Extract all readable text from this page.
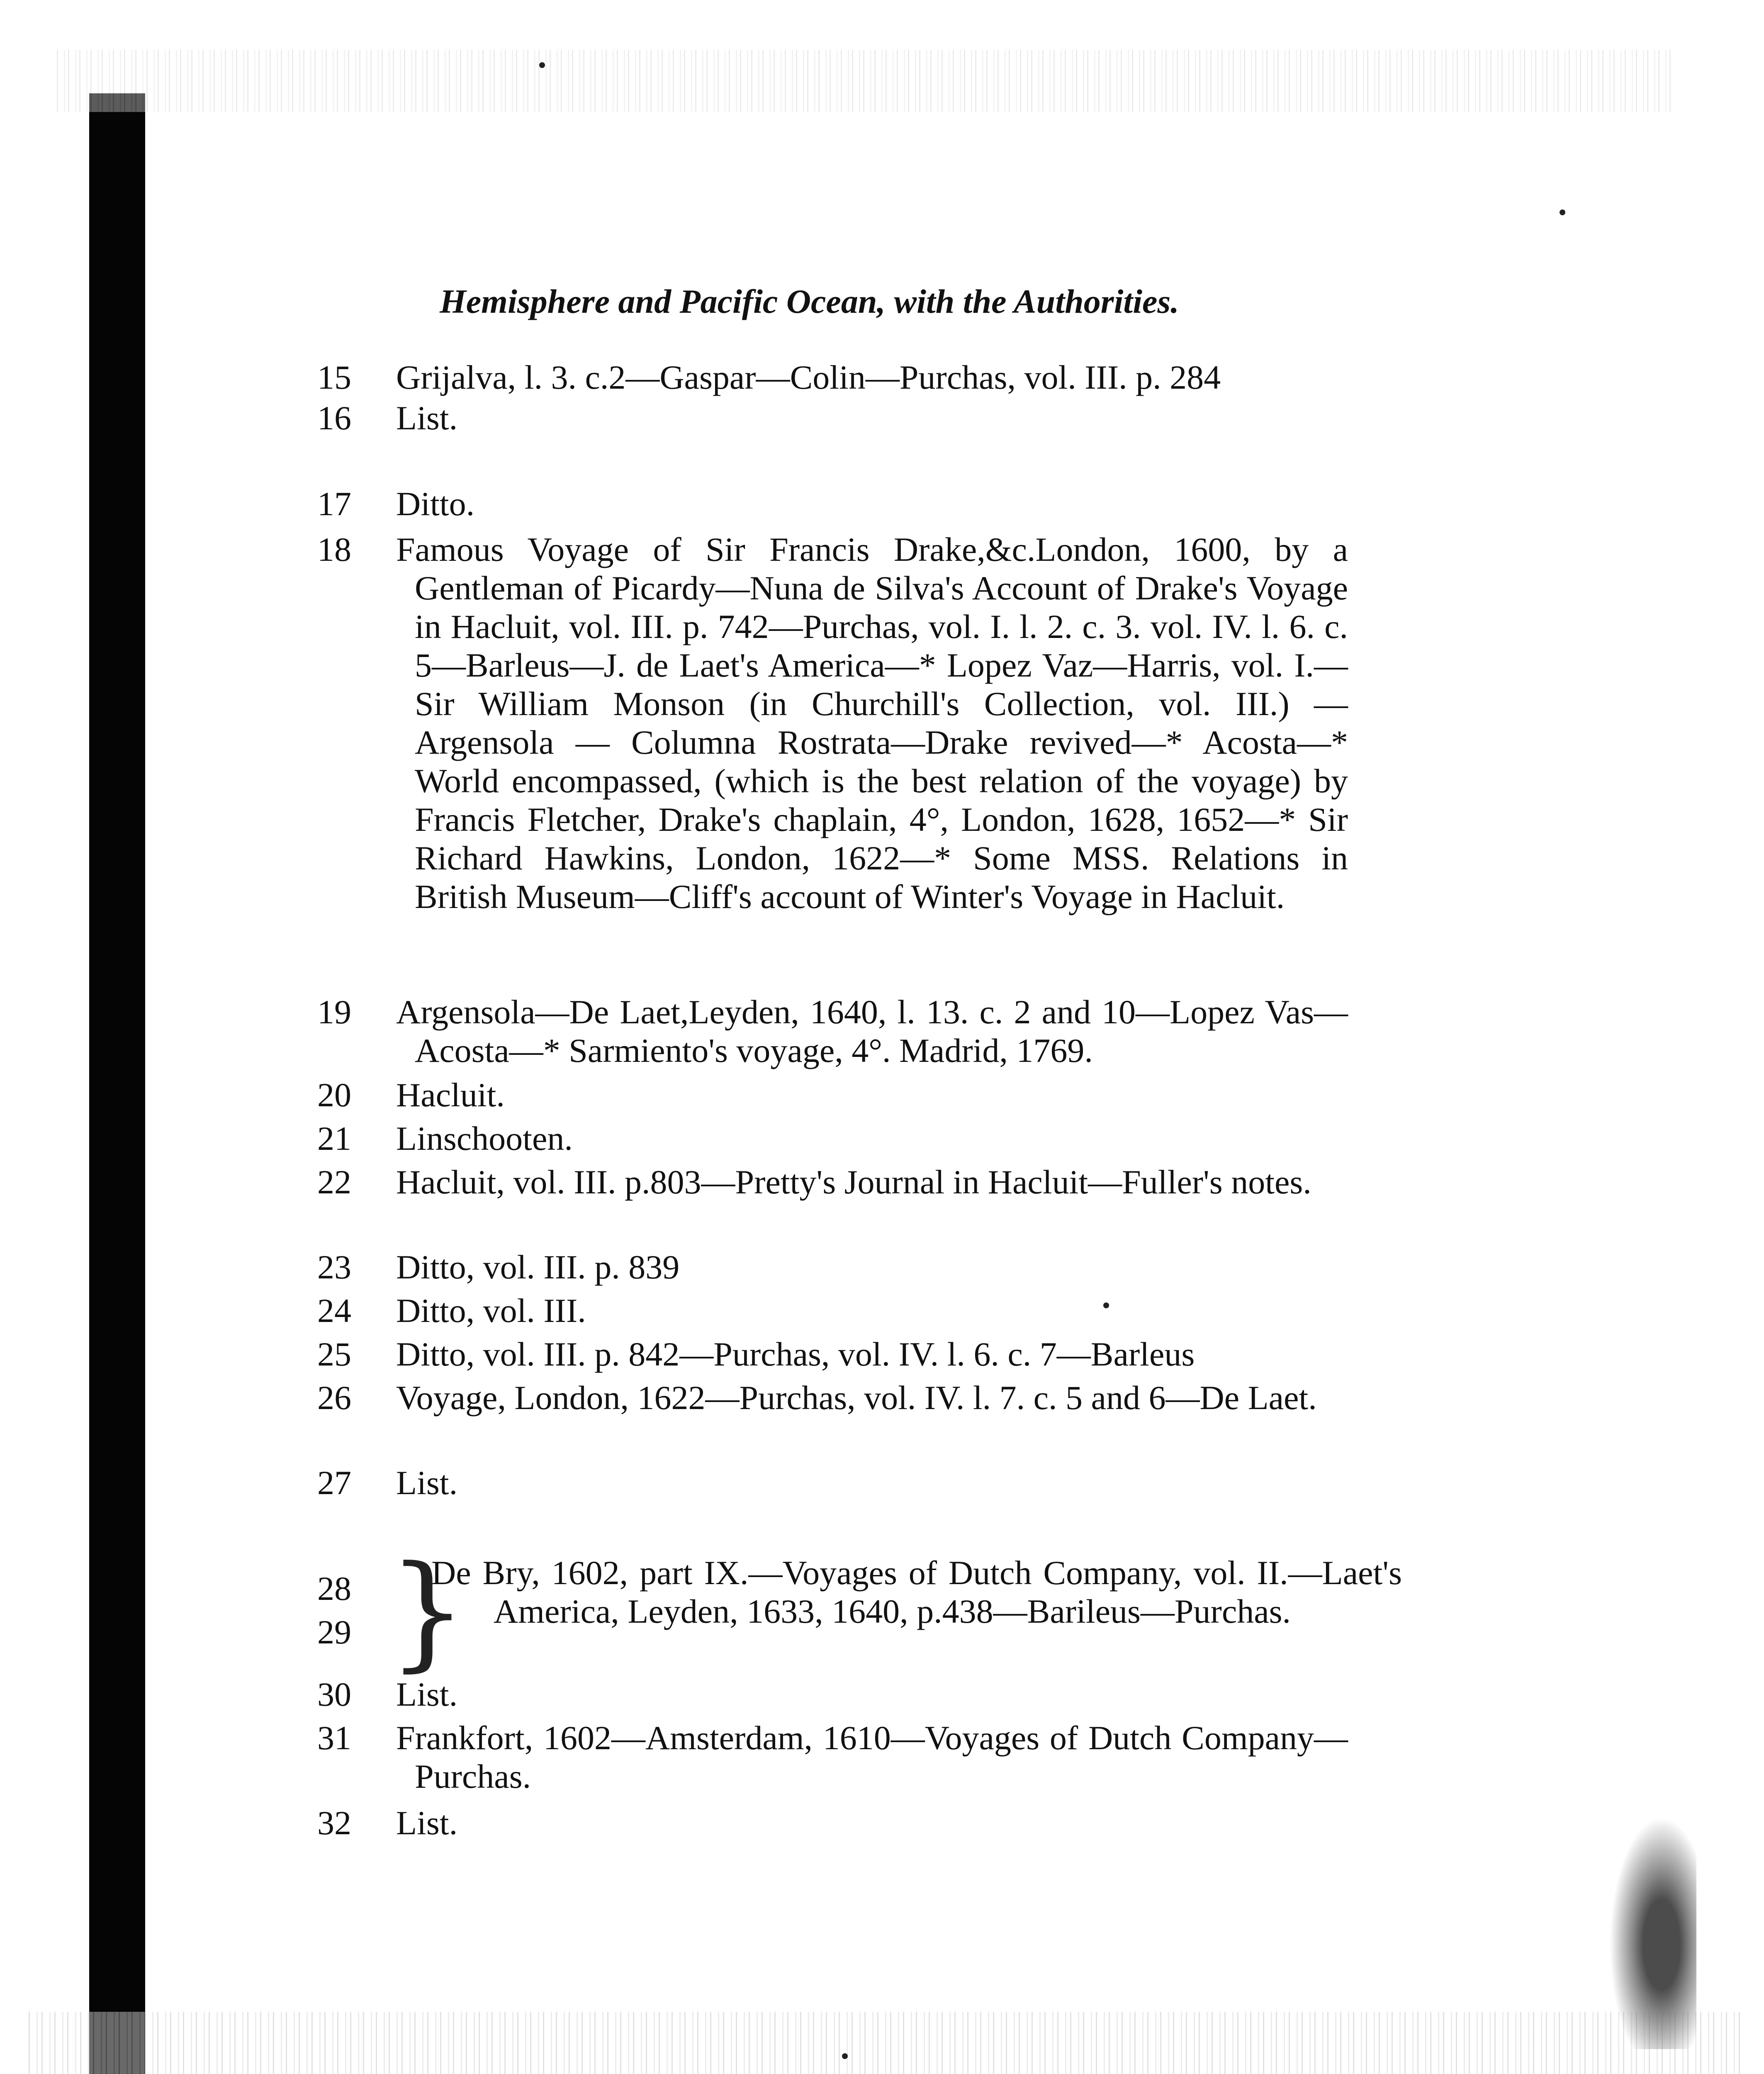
Hemisphere and Pacific Ocean, with the Authorities.
15 Grijalva, l. 3. c.2—Gaspar—Colin—Purchas, vol. III. p. 284
16 List.
17 Ditto.
18 Famous Voyage of Sir Francis Drake,&c.London, 1600, by a Gentleman of Picardy—Nuna de Silva's Account of Drake's Voyage in Hacluit, vol. III. p. 742—Purchas, vol. I. l. 2. c. 3. vol. IV. l. 6. c. 5—Barleus—J. de Laet's America—* Lopez Vaz—Harris, vol. I.—Sir William Monson (in Churchill's Collection, vol. III.) — Argensola — Columna Rostrata—Drake revived—* Acosta—* World encompassed, (which is the best relation of the voyage) by Francis Fletcher, Drake's chaplain, 4°, London, 1628, 1652—* Sir Richard Hawkins, London, 1622—* Some MSS. Relations in British Museum—Cliff's account of Winter's Voyage in Hacluit.
19 Argensola—De Laet,Leyden, 1640, l. 13. c. 2 and 10—Lopez Vas—Acosta—* Sarmiento's voyage, 4°. Madrid, 1769.
20 Hacluit.
21 Linschooten.
22 Hacluit, vol. III. p.803—Pretty's Journal in Hacluit—Fuller's notes.
23 Ditto, vol. III. p. 839
24 Ditto, vol. III.
25 Ditto, vol. III. p. 842—Purchas, vol. IV. l. 6. c. 7—Barleus
26 Voyage, London, 1622—Purchas, vol. IV. l. 7. c. 5 and 6—De Laet.
27 List.
28
29 }
De Bry, 1602, part IX.—Voyages of Dutch Company, vol. II.—Laet's America, Leyden, 1633, 1640, p.438—Barileus—Purchas.
30 List.
31 Frankfort, 1602—Amsterdam, 1610—Voyages of Dutch Company—Purchas.
32 List.
